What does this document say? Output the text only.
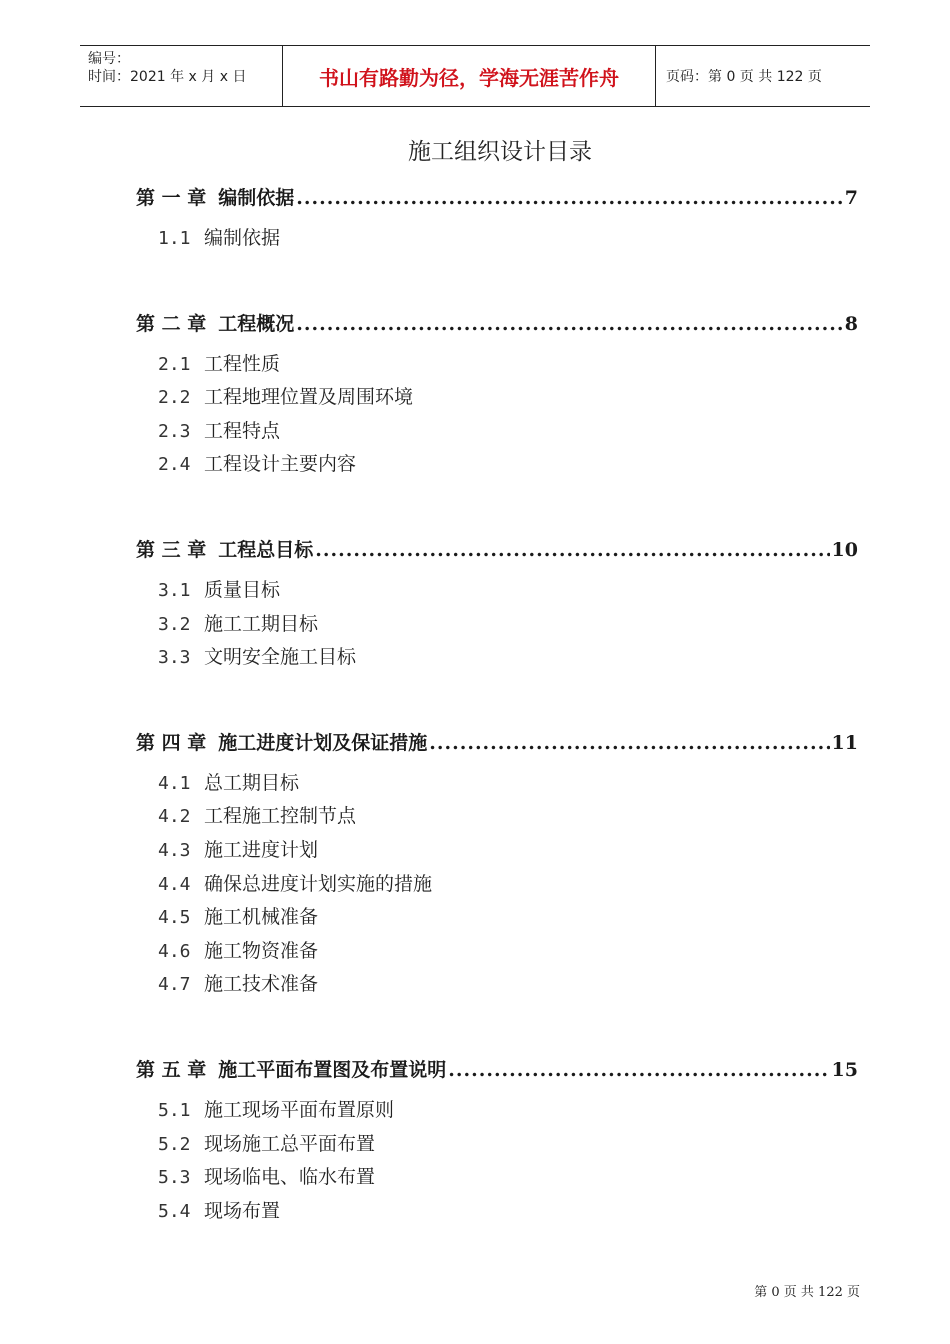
编号：
时间：2021 年 x 月 x 日	书山有路勤为径，学海无涯苦作舟	页码：第 0 页 共 122 页
施工组织设计目录
第 一 章 编制依据 .....	7
1.1 编制依据
第 二 章 工程概况 .....	8
2.1 工程性质
2.2 工程地理位置及周围环境
2.3 工程特点
2.4 工程设计主要内容
第 三 章 工程总目标 .....	10
3.1 质量目标
3.2 施工工期目标
3.3 文明安全施工目标
第 四 章 施工进度计划及保证措施 .....	11
4.1 总工期目标
4.2 工程施工控制节点
4.3 施工进度计划
4.4 确保总进度计划实施的措施
4.5 施工机械准备
4.6 施工物资准备
4.7 施工技术准备
第 五 章 施工平面布置图及布置说明 .....	15
5.1 施工现场平面布置原则
5.2 现场施工总平面布置
5.3 现场临电、临水布置
5.4 现场布置
第 0 页 共 122 页
